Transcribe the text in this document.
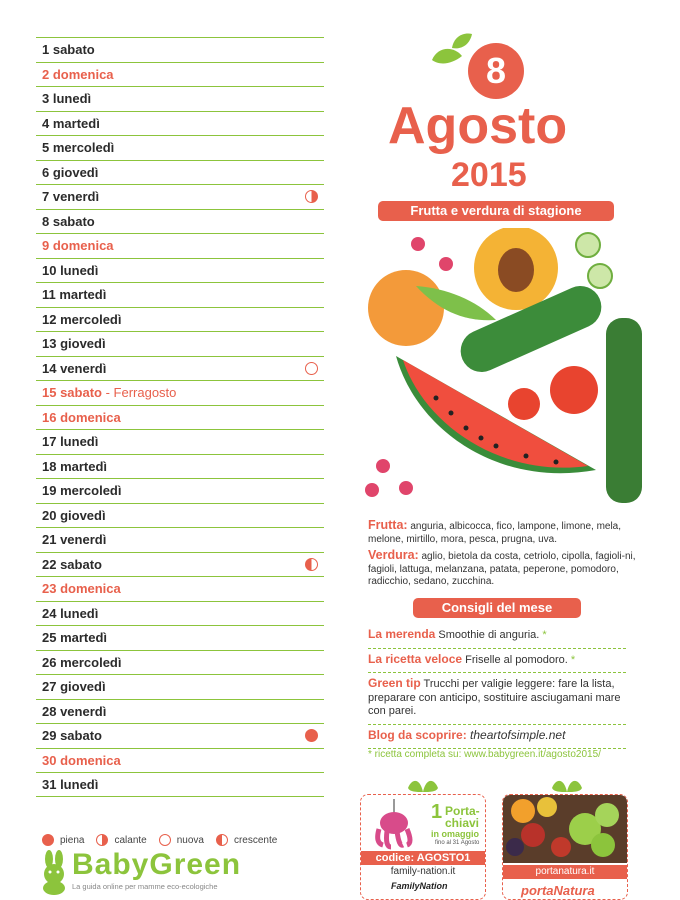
1 sabato
2 domenica
3 lunedì
4 martedì
5 mercoledì
6 giovedì
7 venerdì
8 sabato
9 domenica
10 lunedì
11 martedì
12 mercoledì
13 giovedì
14 venerdì
15 sabato - Ferragosto
16 domenica
17 lunedì
18 martedì
19 mercoledì
20 giovedì
21 venerdì
22 sabato
23 domenica
24 lunedì
25 martedì
26 mercoledì
27 giovedì
28 venerdì
29 sabato
30 domenica
31 lunedì
piena	calante	nuova	crescente
BabyGreen
La guida online per mamme eco-ecologiche
8
Agosto
2015
Frutta e verdura di stagione
Frutta: anguria, albicocca, fico, lampone, limone, mela, melone, mirtillo, mora, pesca, prugna, uva.
Verdura: aglio, bietola da costa, cetriolo, cipolla, fagioli-ni, fagioli, lattuga, melanzana, patata, peperone, pomodoro, radicchio, sedano, zucchina.
Consigli del mese
La merenda Smoothie di anguria. *
La ricetta veloce Friselle al pomodoro. *
Green tip Trucchi per valigie leggere: fare la lista, preparare con anticipo, sostituire asciugamani mare con parei.
Blog da scoprire: theartofsimple.net
* ricetta completa su: www.babygreen.it/agosto2015/
1 Porta-chiavi
in omaggio
fino al 31 Agosto
codice: AGOSTO1
family-nation.it
FamilyNation
portanatura.it
portaNatura
